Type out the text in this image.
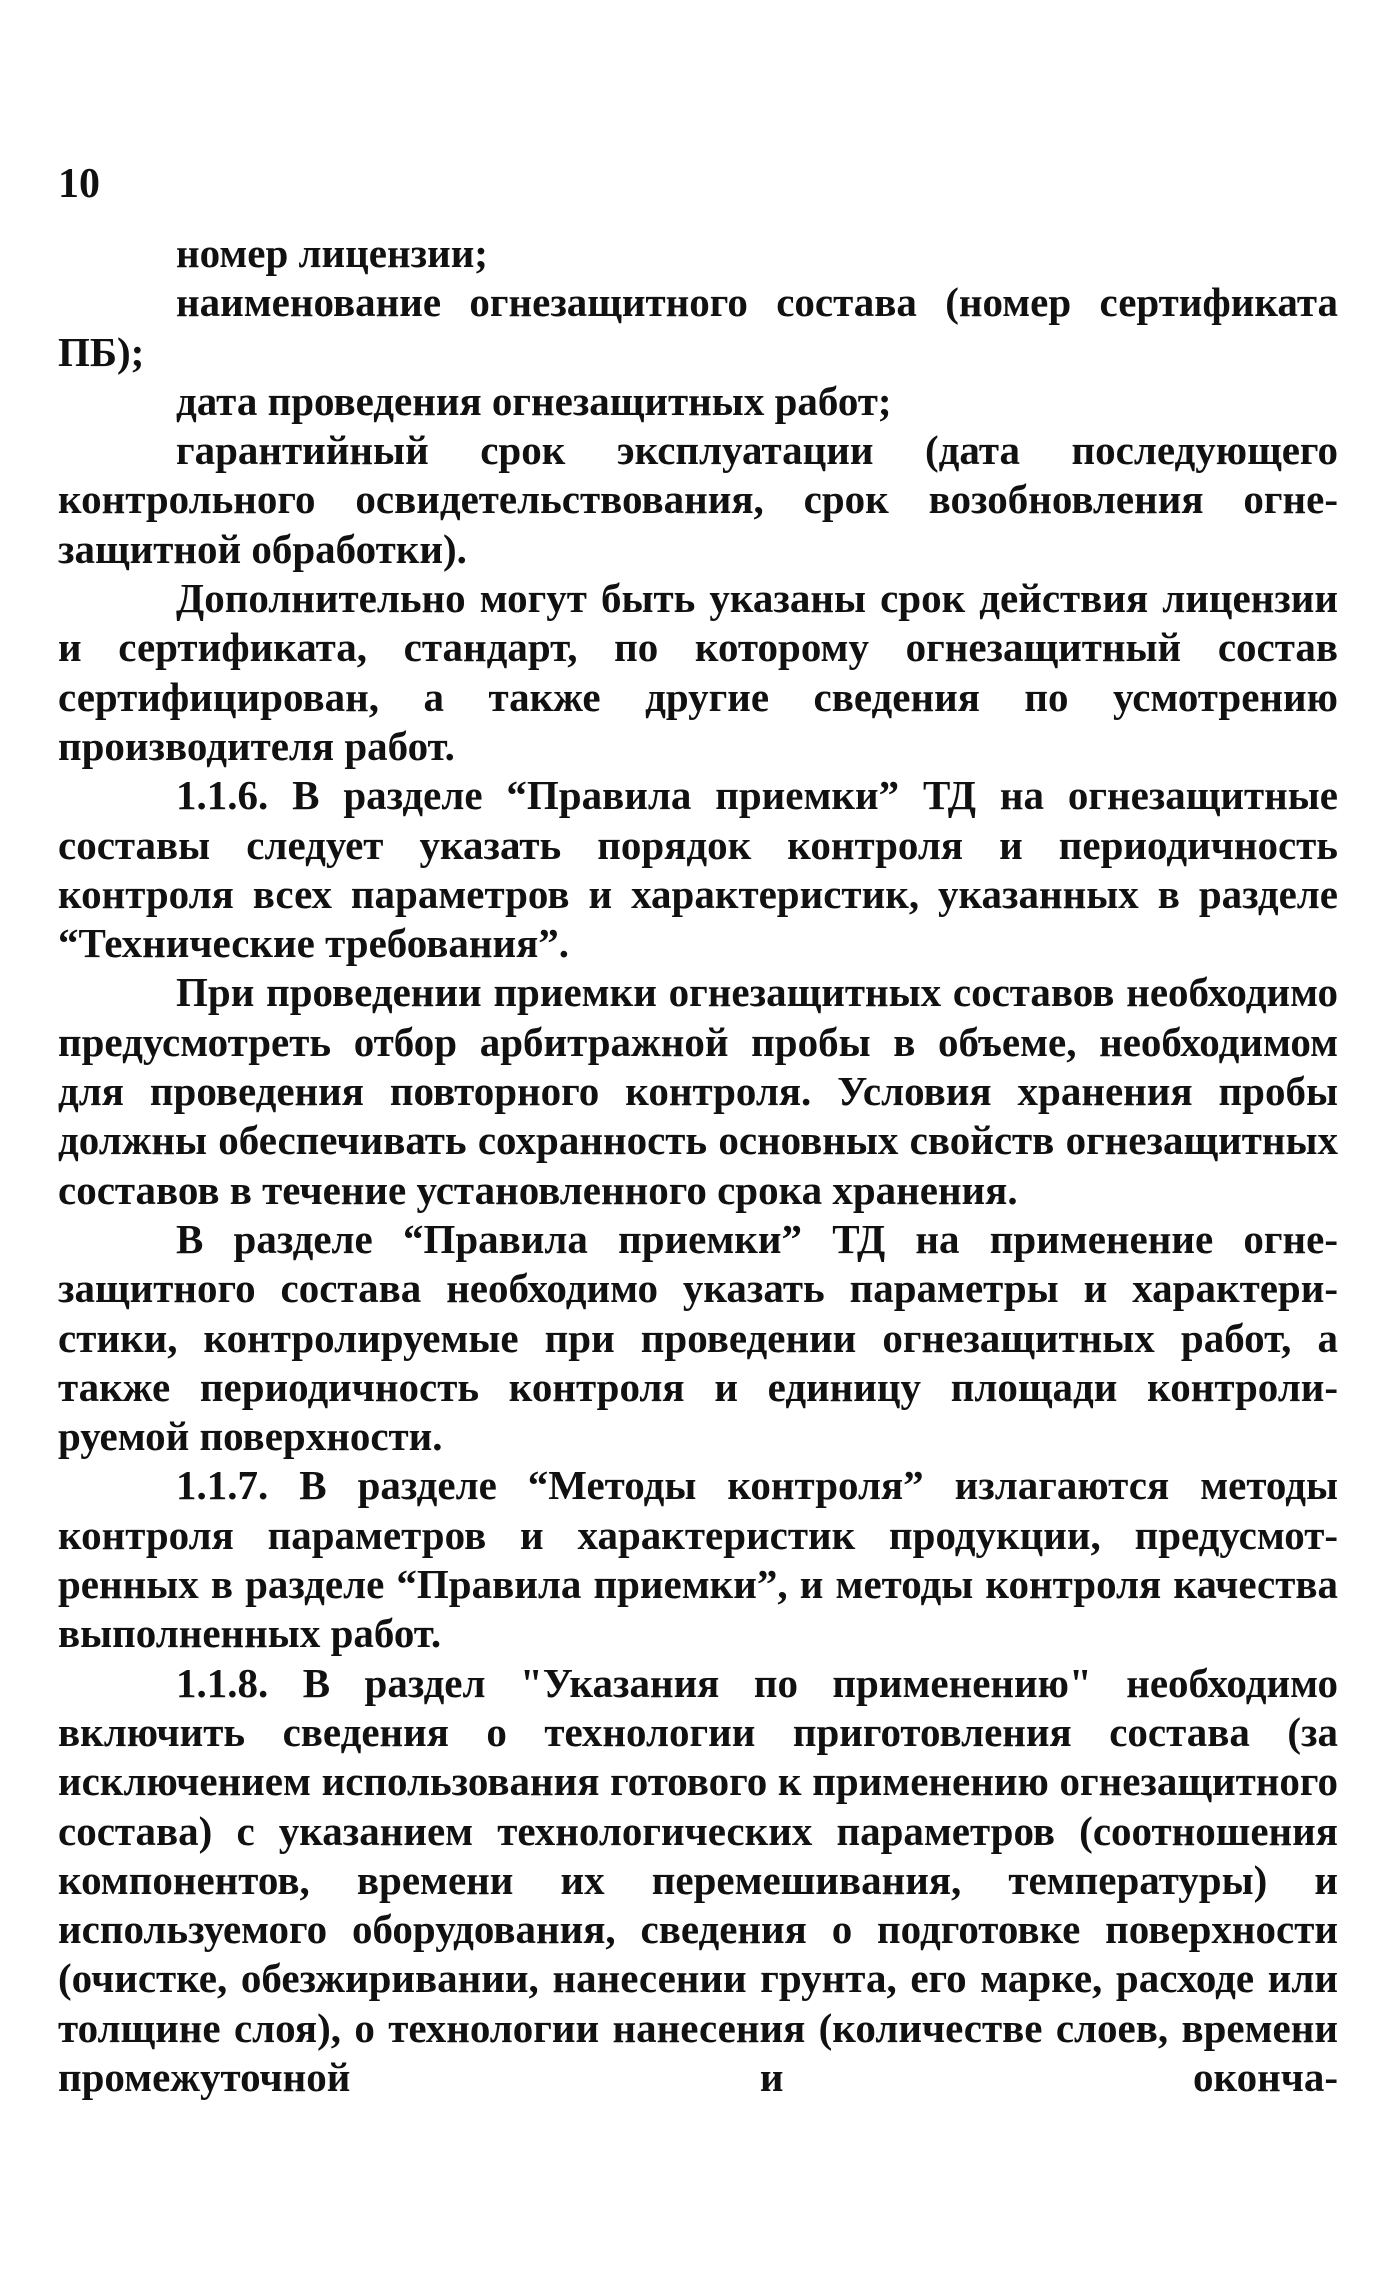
10

номер лицензии;

наименование огнезащитного состава (номер сертификата ПБ);

дата проведения огнезащитных работ;

гарантийный срок эксплуатации (дата последующего контрольного освидетельствования, срок возобновления огнезащитной обработки).

Дополнительно могут быть указаны срок действия лицензии и сертификата, стандарт, по которому огнезащитный состав сертифицирован, а также другие сведения по усмотрению производителя работ.

1.1.6. В разделе “Правила приемки” ТД на огнезащитные составы следует указать порядок контроля и периодичность контроля всех параметров и характеристик, указанных в разделе “Технические требования”.

При проведении приемки огнезащитных составов необходимо предусмотреть отбор арбитражной пробы в объеме, необходимом для проведения повторного контроля. Условия хранения пробы должны обеспечивать сохранность основных свойств огнезащитных составов в течение установленного срока хранения.

В разделе “Правила приемки” ТД на применение огнезащитного состава необходимо указать параметры и характеристики, контролируемые при проведении огнезащитных работ, а также периодичность контроля и единицу площади контролируемой поверхности.

1.1.7. В разделе “Методы контроля” излагаются методы контроля параметров и характеристик продукции, предусмотренных в разделе “Правила приемки”, и методы контроля качества выполненных работ.

1.1.8. В раздел "Указания по применению" необходимо включить сведения о технологии приготовления состава (за исключением использования готового к применению огнезащитного состава) с указанием технологических параметров (соотношения компонентов, времени их перемешивания, температуры) и используемого оборудования, сведения о подготовке поверхности (очистке, обезжиривании, нанесении грунта, его марке, расходе или толщине слоя), о технологии нанесения (количестве слоев, времени промежуточной и оконча-
